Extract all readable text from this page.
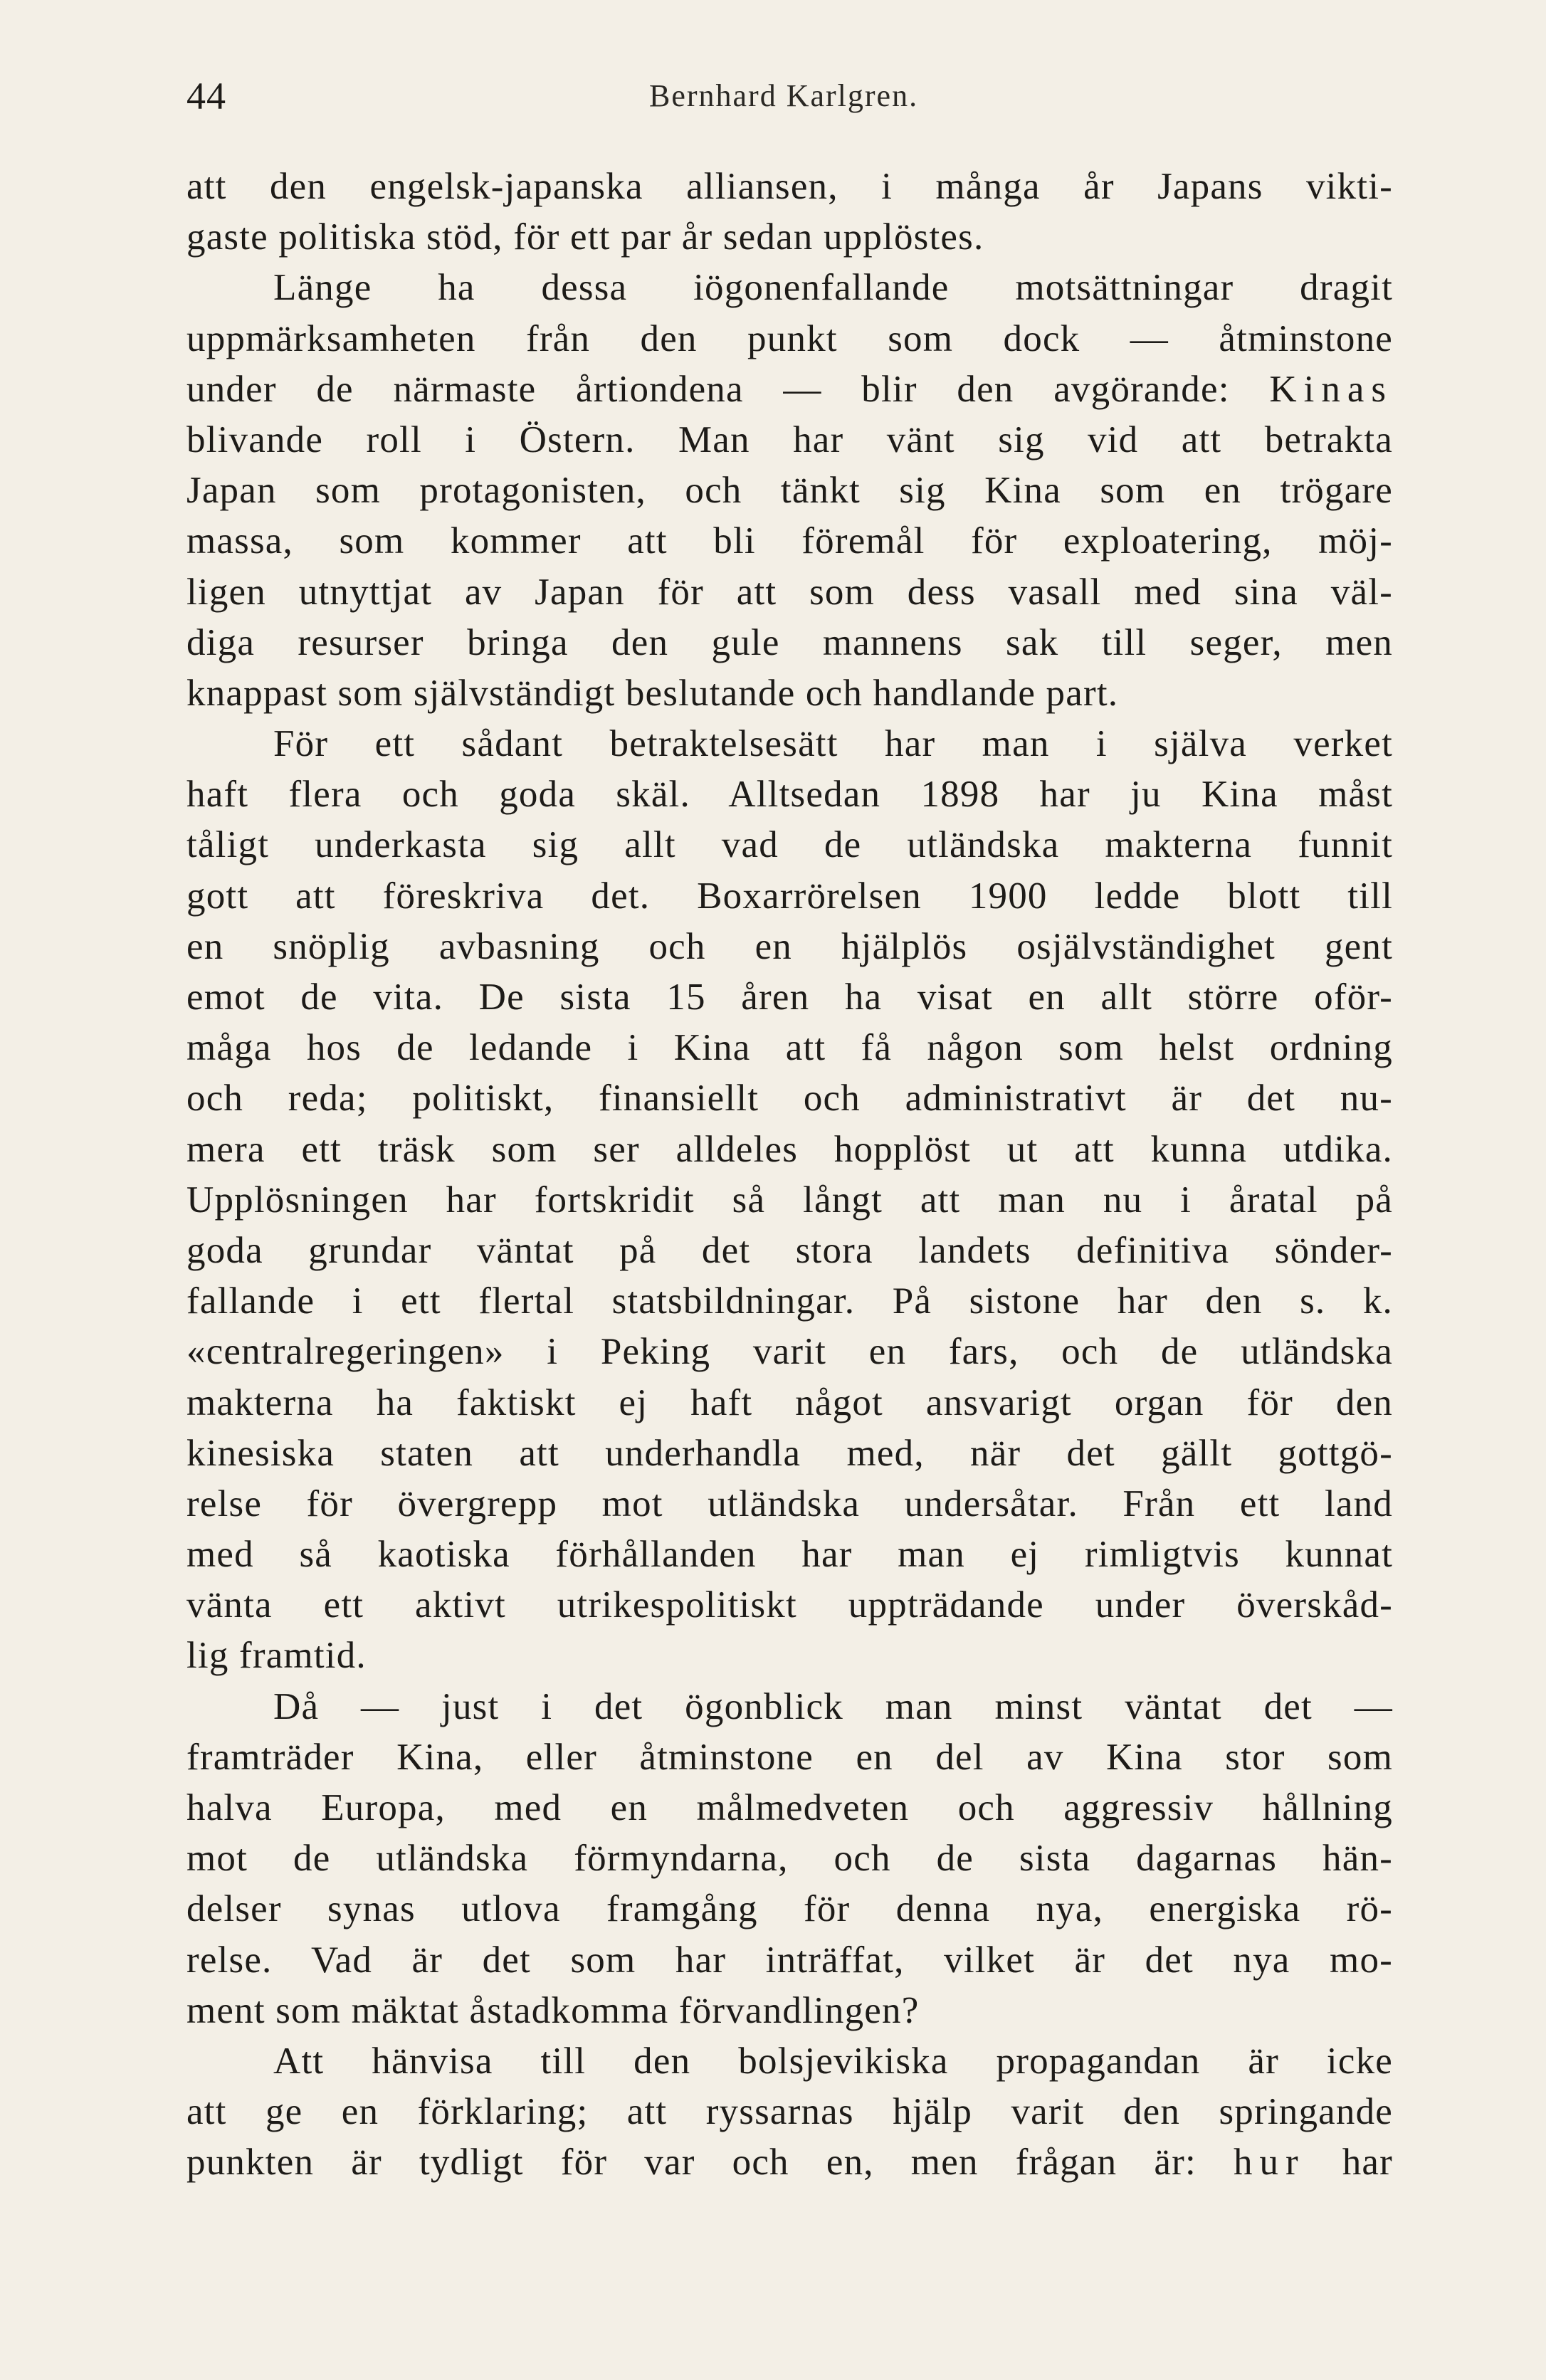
44	Bernhard Karlgren.
att den engelsk-japanska alliansen, i många år Japans vikti-
gaste politiska stöd, för ett par år sedan upplöstes.
Länge ha dessa iögonenfallande motsättningar dragit
uppmärksamheten från den punkt som dock — åtminstone
under de närmaste årtiondena — blir den avgörande: Kinas
blivande roll i Östern. Man har vänt sig vid att betrakta
Japan som protagonisten, och tänkt sig Kina som en trögare
massa, som kommer att bli föremål för exploatering, möj-
ligen utnyttjat av Japan för att som dess vasall med sina väl-
diga resurser bringa den gule mannens sak till seger, men
knappast som självständigt beslutande och handlande part.
För ett sådant betraktelsesätt har man i själva verket
haft flera och goda skäl. Alltsedan 1898 har ju Kina måst
tåligt underkasta sig allt vad de utländska makterna funnit
gott att föreskriva det. Boxarrörelsen 1900 ledde blott till
en snöplig avbasning och en hjälplös osjälvständighet gent
emot de vita. De sista 15 åren ha visat en allt större oför-
måga hos de ledande i Kina att få någon som helst ordning
och reda; politiskt, finansiellt och administrativt är det nu-
mera ett träsk som ser alldeles hopplöst ut att kunna utdika.
Upplösningen har fortskridit så långt att man nu i åratal på
goda grundar väntat på det stora landets definitiva sönder-
fallande i ett flertal statsbildningar. På sistone har den s. k.
«centralregeringen» i Peking varit en fars, och de utländska
makterna ha faktiskt ej haft något ansvarigt organ för den
kinesiska staten att underhandla med, när det gällt gottgö-
relse för övergrepp mot utländska undersåtar. Från ett land
med så kaotiska förhållanden har man ej rimligtvis kunnat
vänta ett aktivt utrikespolitiskt uppträdande under överskåd-
lig framtid.
Då — just i det ögonblick man minst väntat det —
framträder Kina, eller åtminstone en del av Kina stor som
halva Europa, med en målmedveten och aggressiv hållning
mot de utländska förmyndarna, och de sista dagarnas hän-
delser synas utlova framgång för denna nya, energiska rö-
relse. Vad är det som har inträffat, vilket är det nya mo-
ment som mäktat åstadkomma förvandlingen?
Att hänvisa till den bolsjevikiska propagandan är icke
att ge en förklaring; att ryssarnas hjälp varit den springande
punkten är tydligt för var och en, men frågan är: hur har
